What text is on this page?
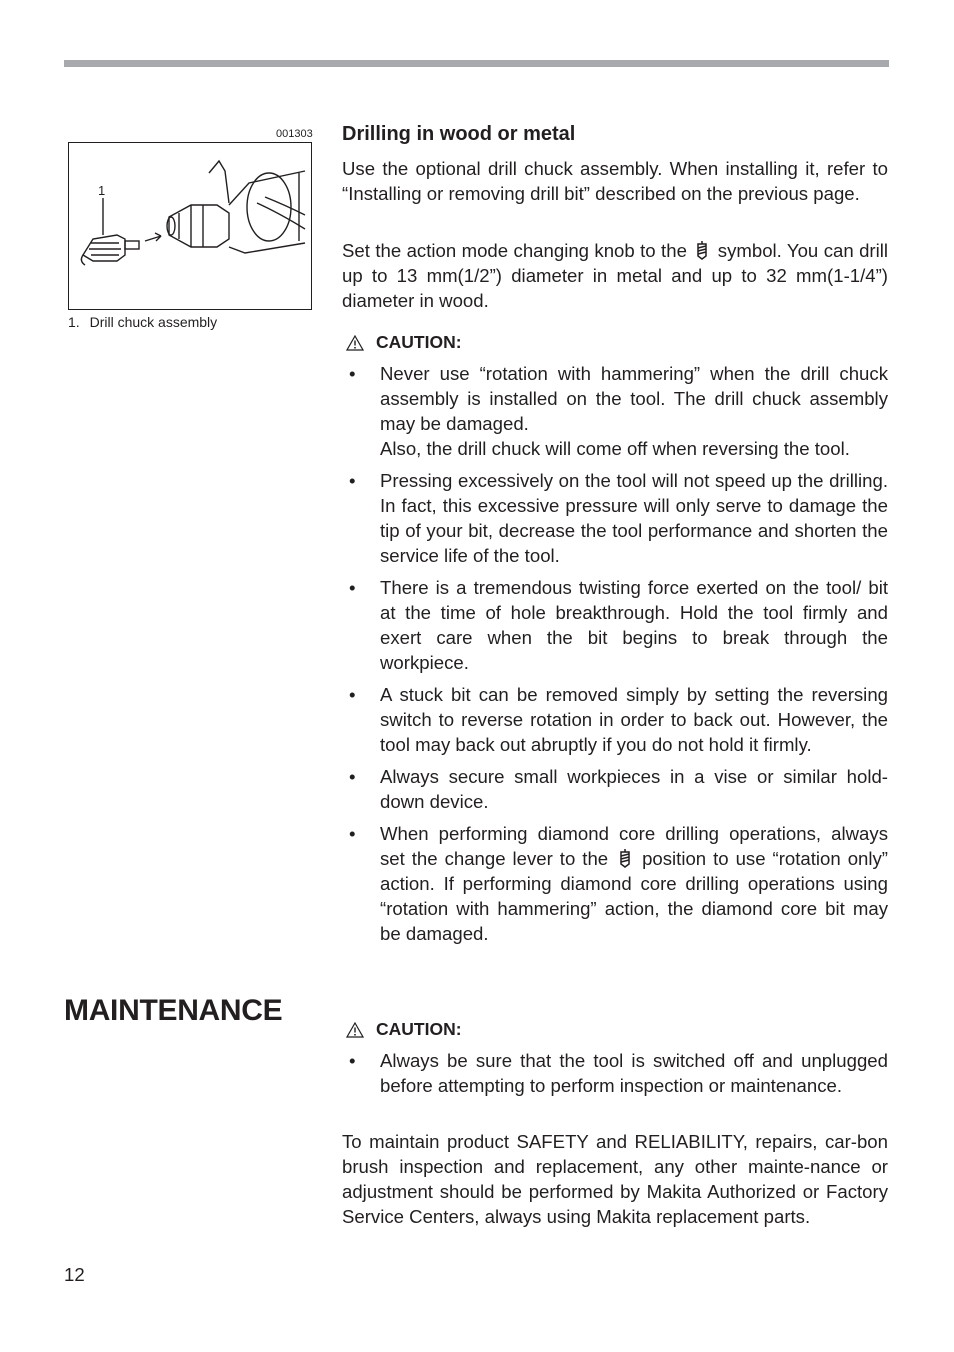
001303
1
1. Drill chuck assembly
Drilling in wood or metal

Use the optional drill chuck assembly. When installing it, refer to “Installing or removing drill bit” described on the previous page.

Set the action mode changing knob to the symbol. You can drill up to 13 mm(1/2”) diameter in metal and up to 32 mm(1-1/4”) diameter in wood.

CAUTION:
• Never use “rotation with hammering” when the drill chuck assembly is installed on the tool. The drill chuck assembly may be damaged.
Also, the drill chuck will come off when reversing the tool.
• Pressing excessively on the tool will not speed up the drilling. In fact, this excessive pressure will only serve to damage the tip of your bit, decrease the tool performance and shorten the service life of the tool.
• There is a tremendous twisting force exerted on the tool/ bit at the time of hole breakthrough. Hold the tool firmly and exert care when the bit begins to break through the workpiece.
• A stuck bit can be removed simply by setting the reversing switch to reverse rotation in order to back out. However, the tool may back out abruptly if you do not hold it firmly.
• Always secure small workpieces in a vise or similar hold-down device.
• When performing diamond core drilling operations, always set the change lever to the position to use “rotation only” action. If performing diamond core drilling operations using “rotation with hammering” action, the diamond core bit may be damaged.
MAINTENANCE
CAUTION:
• Always be sure that the tool is switched off and unplugged before attempting to perform inspection or maintenance.

To maintain product SAFETY and RELIABILITY, repairs, car-bon brush inspection and replacement, any other mainte-nance or adjustment should be performed by Makita Authorized or Factory Service Centers, always using Makita replacement parts.

12
